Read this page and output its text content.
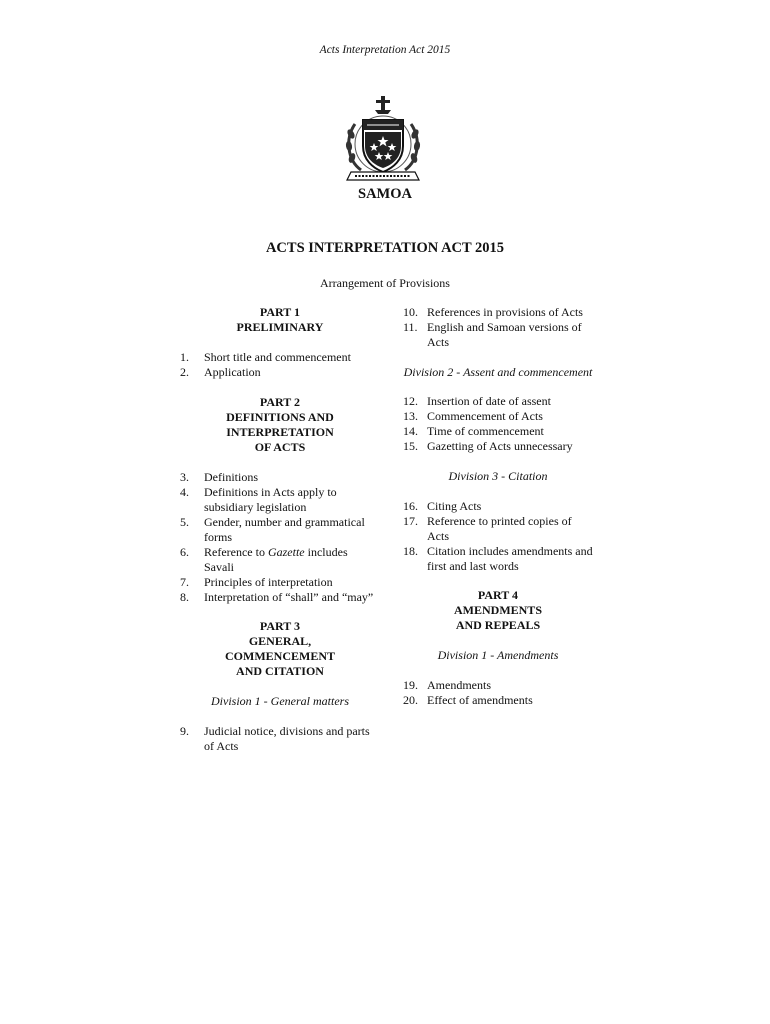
Acts Interpretation Act 2015
SAMOA
ACTS INTERPRETATION ACT 2015
Arrangement of Provisions
PART 1
PRELIMINARY
1.	Short title and commencement
2.	Application
PART 2
DEFINITIONS AND
INTERPRETATION
OF ACTS
3.	Definitions
4.	Definitions in Acts apply to subsidiary legislation
5.	Gender, number and grammatical forms
6.	Reference to Gazette includes Savali
7.	Principles of interpretation
8.	Interpretation of “shall” and “may”
PART 3
GENERAL,
COMMENCEMENT
AND CITATION
Division 1 - General matters
9.	Judicial notice, divisions and parts of Acts
10. References in provisions of Acts
11. English and Samoan versions of Acts
Division 2 - Assent and commencement
12. Insertion of date of assent
13. Commencement of Acts
14. Time of commencement
15. Gazetting of Acts unnecessary
Division 3 - Citation
16. Citing Acts
17. Reference to printed copies of Acts
18. Citation includes amendments and first and last words
PART 4
AMENDMENTS
AND REPEALS
Division 1 - Amendments
19. Amendments
20. Effect of amendments
